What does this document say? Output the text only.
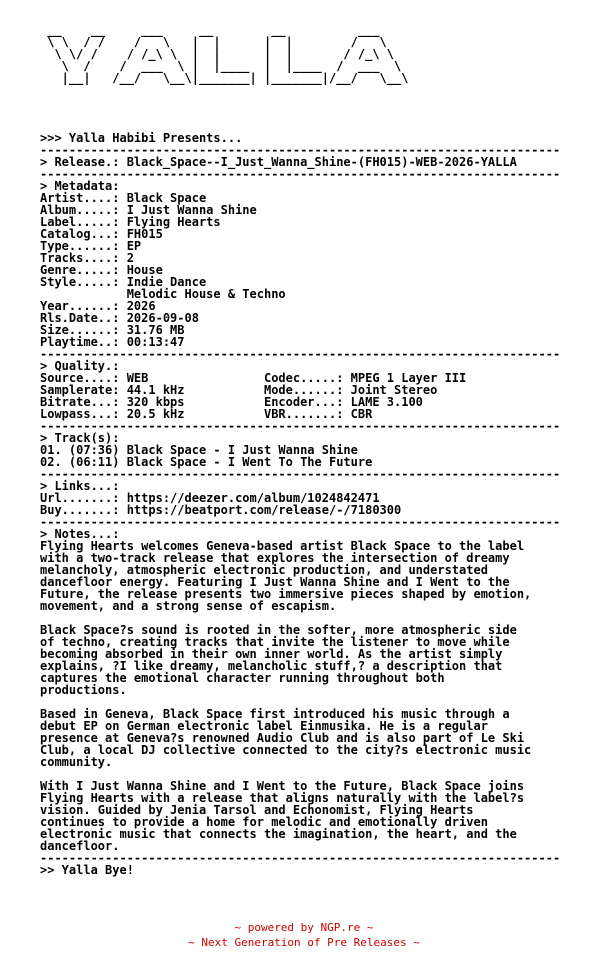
__    __     ___     __        __          ___
\ \  / /    /   \   |  |      |  |        /   \
\ \/ /    / /_\ \  |  |      |  |       / /_\ \
\  /    /  ___  \ |  |____  |  |____  /  ___  \
|__|   /__/   \__\|_______| |_______|/__/   \__\
>>> Yalla Habibi Presents...
------------------------------------------------------------------------
> Release.: Black_Space--I_Just_Wanna_Shine-(FH015)-WEB-2026-YALLA
------------------------------------------------------------------------
> Metadata:
Artist....: Black Space
Album.....: I Just Wanna Shine
Label.....: Flying Hearts
Catalog...: FH015
Type......: EP
Tracks....: 2
Genre.....: House
Style.....: Indie Dance
Melodic House & Techno
Year......: 2026
Rls.Date..: 2026-09-08
Size......: 31.76 MB
Playtime..: 00:13:47
------------------------------------------------------------------------
> Quality.:
Source....: WEB                Codec.....: MPEG 1 Layer III
Samplerate: 44.1 kHz           Mode......: Joint Stereo
Bitrate...: 320 kbps           Encoder...: LAME 3.100
Lowpass...: 20.5 kHz           VBR.......: CBR
------------------------------------------------------------------------
> Track(s):
01. (07:36) Black Space - I Just Wanna Shine
02. (06:11) Black Space - I Went To The Future
------------------------------------------------------------------------
> Links...:
Url.......: https://deezer.com/album/1024842471
Buy.......: https://beatport.com/release/-/7180300
------------------------------------------------------------------------
> Notes...:
Flying Hearts welcomes Geneva-based artist Black Space to the label
with a two-track release that explores the intersection of dreamy
melancholy, atmospheric electronic production, and understated
dancefloor energy. Featuring I Just Wanna Shine and I Went to the
Future, the release presents two immersive pieces shaped by emotion,
movement, and a strong sense of escapism.
Black Space?s sound is rooted in the softer, more atmospheric side
of techno, creating tracks that invite the listener to move while
becoming absorbed in their own inner world. As the artist simply
explains, ?I like dreamy, melancholic stuff,? a description that
captures the emotional character running throughout both
productions.
Based in Geneva, Black Space first introduced his music through a
debut EP on German electronic label Einmusika. He is a regular
presence at Geneva?s renowned Audio Club and is also part of Le Ski
Club, a local DJ collective connected to the city?s electronic music
community.
With I Just Wanna Shine and I Went to the Future, Black Space joins
Flying Hearts with a release that aligns naturally with the label?s
vision. Guided by Jenia Tarsol and Echonomist, Flying Hearts
continues to provide a home for melodic and emotionally driven
electronic music that connects the imagination, the heart, and the
dancefloor.
------------------------------------------------------------------------
>> Yalla Bye!
~ powered by NGP.re ~
~ Next Generation of Pre Releases ~
